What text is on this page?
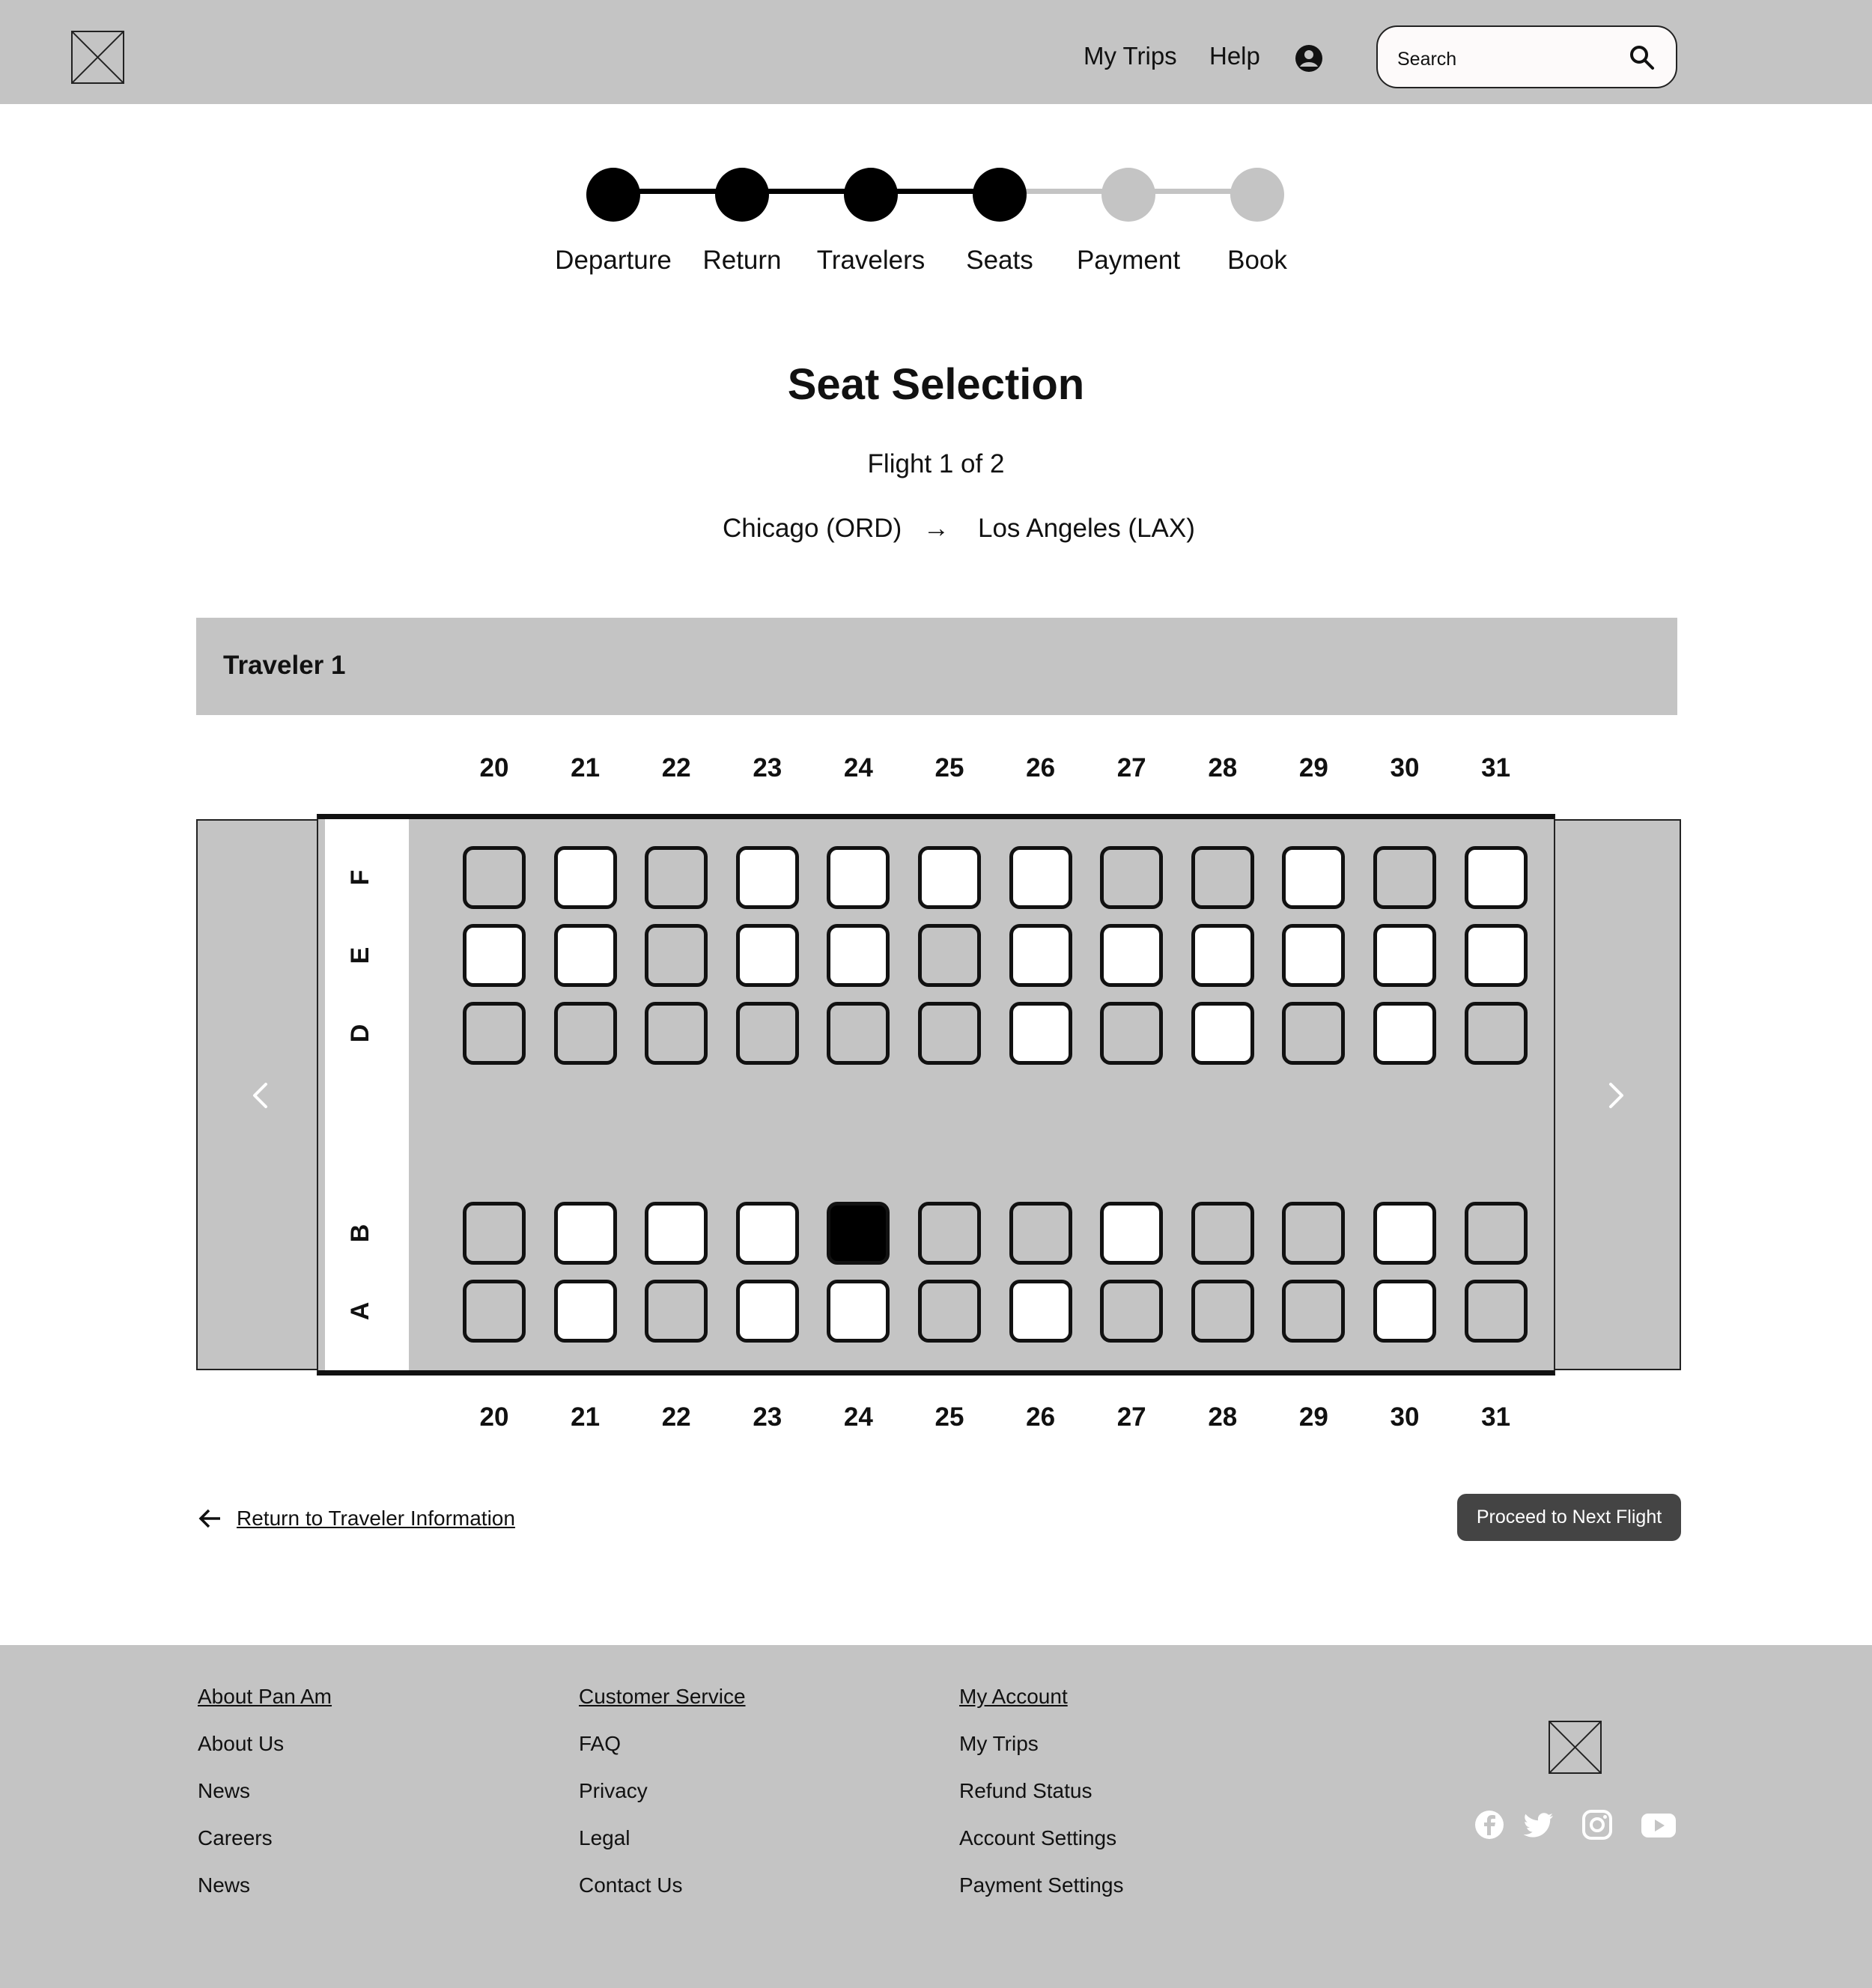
My Trips Help
Search
Departure	Return	Travelers	Seats	Payment	Book
Seat Selection
Flight 1 of 2
Chicago (ORD) → Los Angeles (LAX)
Traveler 1
20	21	22	23	24	25	26	27	28	29	30	31
F
E
D
B
A
20	21	22	23	24	25	26	27	28	29	30	31
Return to Traveler Information	Proceed to Next Flight
About Pan Am
About Us
News
Careers
News
Customer Service
FAQ
Privacy
Legal
Contact Us
My Account
My Trips
Refund Status
Account Settings
Payment Settings
